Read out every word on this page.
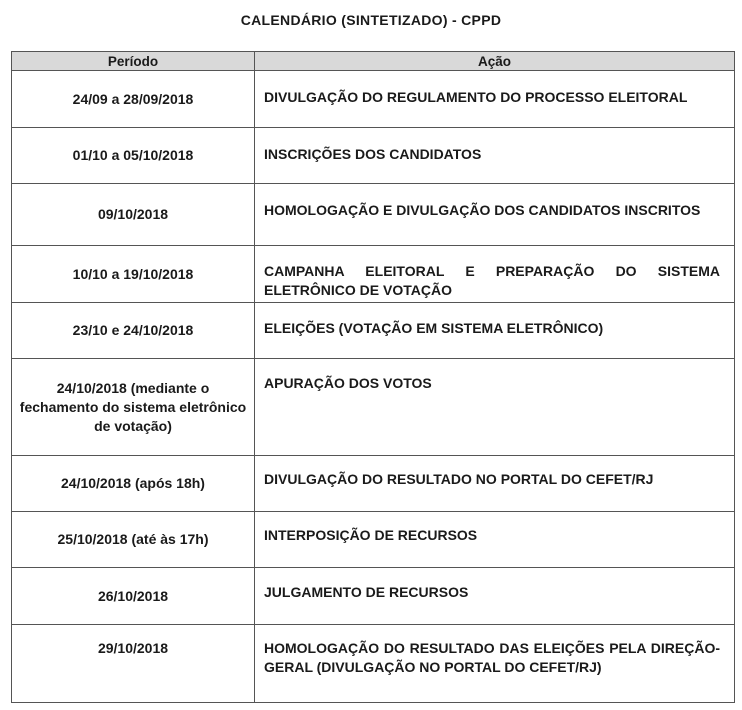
CALENDÁRIO (SINTETIZADO) - CPPD
Período	Ação
24/09 a 28/09/2018	DIVULGAÇÃO DO REGULAMENTO DO PROCESSO ELEITORAL
01/10 a 05/10/2018	INSCRIÇÕES DOS CANDIDATOS
09/10/2018	HOMOLOGAÇÃO E DIVULGAÇÃO DOS CANDIDATOS INSCRITOS
10/10 a 19/10/2018	CAMPANHA ELEITORAL E PREPARAÇÃO DO SISTEMA ELETRÔNICO DE VOTAÇÃO
23/10 e 24/10/2018	ELEIÇÕES (VOTAÇÃO EM SISTEMA ELETRÔNICO)
24/10/2018 (mediante o fechamento do sistema eletrônico de votação)	APURAÇÃO DOS VOTOS
24/10/2018 (após 18h)	DIVULGAÇÃO DO RESULTADO NO PORTAL DO CEFET/RJ
25/10/2018 (até às 17h)	INTERPOSIÇÃO DE RECURSOS
26/10/2018	JULGAMENTO DE RECURSOS
29/10/2018	HOMOLOGAÇÃO DO RESULTADO DAS ELEIÇÕES PELA DIREÇÃO-GERAL (DIVULGAÇÃO NO PORTAL DO CEFET/RJ)
